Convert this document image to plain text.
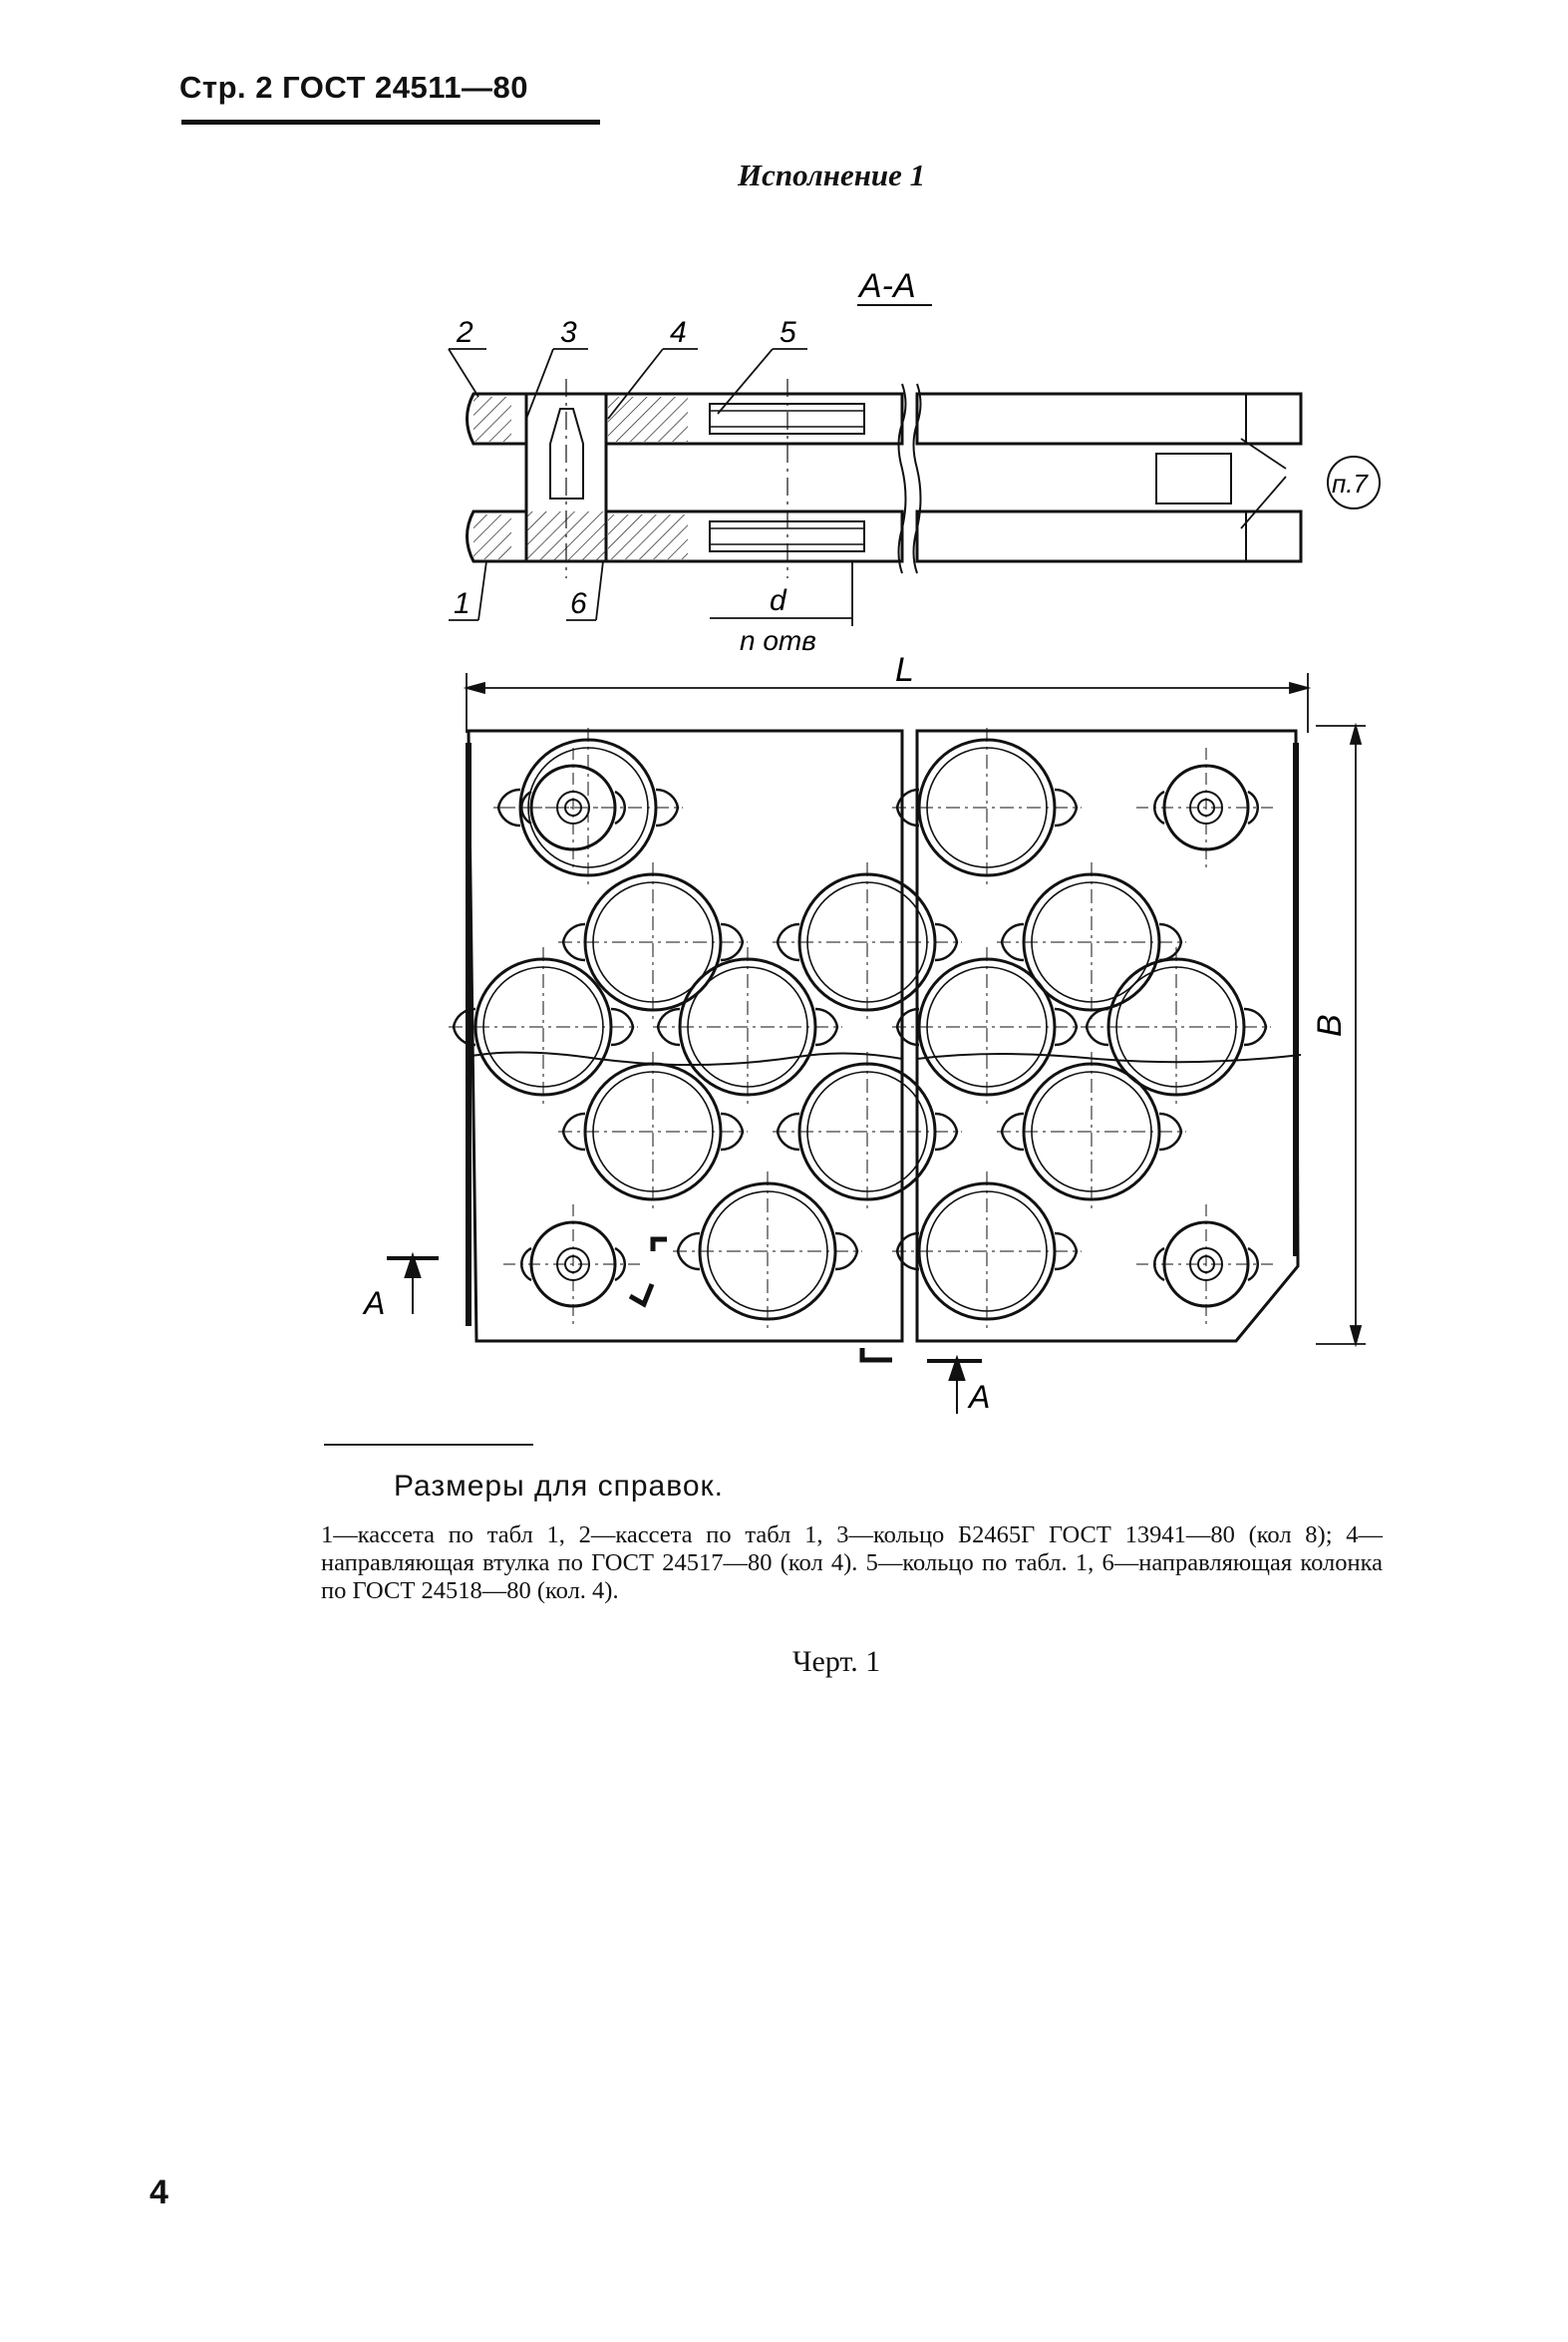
Стр. 2 ГОСТ 24511—80
Исполнение 1
А-А
2	3	4	5
1	6
п.7
d
n отв
L
B
А
А
Размеры для справок.
1—кассета по табл 1, 2—кассета по табл 1, 3—кольцо Б2465Г ГОСТ 13941—80 (кол 8); 4—направляющая втулка по ГОСТ 24517—80 (кол 4). 5—кольцо по табл. 1, 6—направляющая колонка по ГОСТ 24518—80 (кол. 4).
Черт. 1
4
